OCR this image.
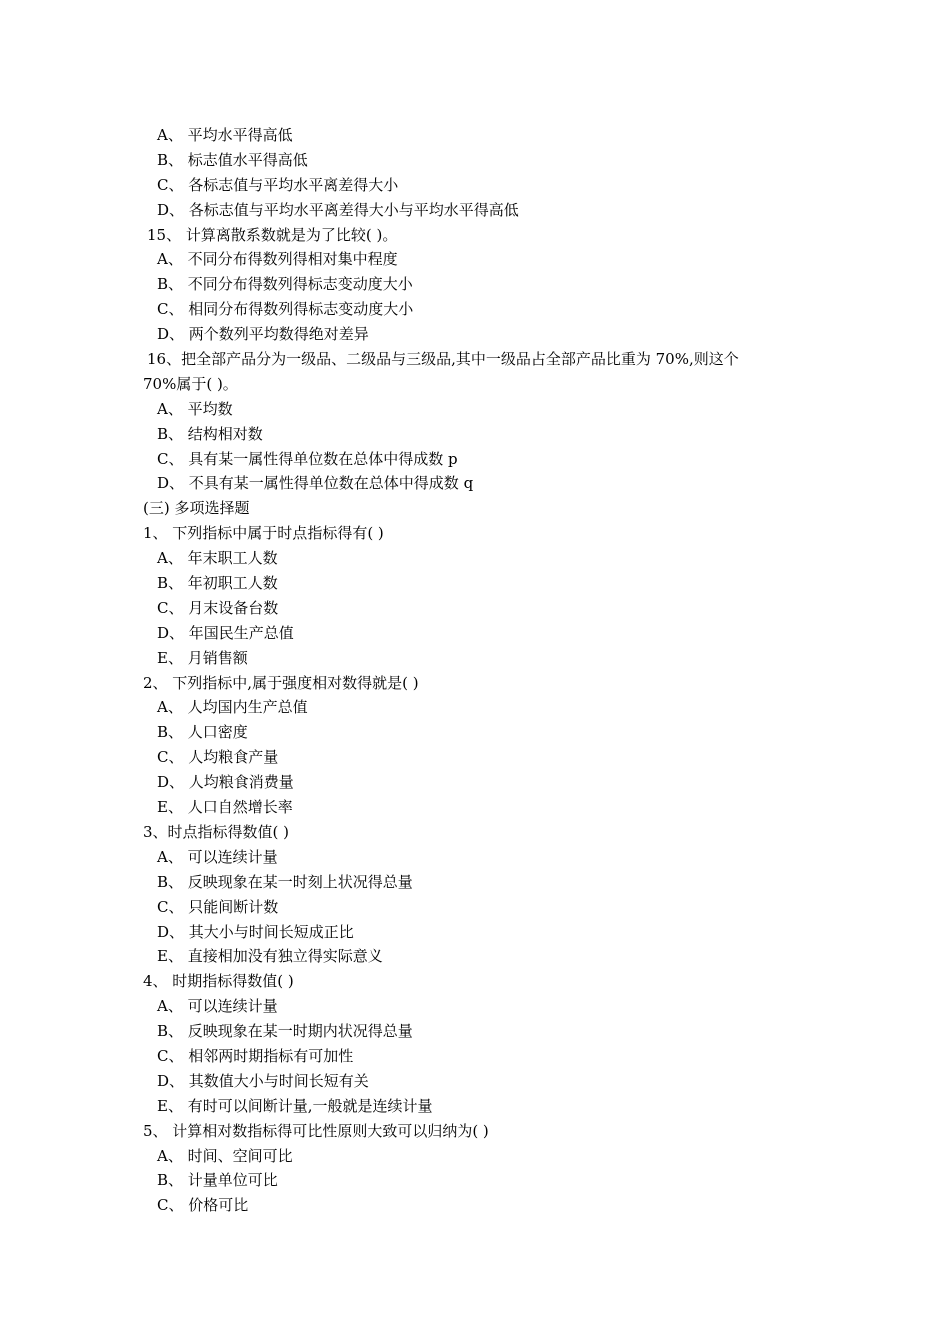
A、 平均水平得高低
B、 标志值水平得高低
C、 各标志值与平均水平离差得大小
D、 各标志值与平均水平离差得大小与平均水平得高低
15、 计算离散系数就是为了比较( )。
A、 不同分布得数列得相对集中程度
B、 不同分布得数列得标志变动度大小
C、 相同分布得数列得标志变动度大小
D、 两个数列平均数得绝对差异
16、把全部产品分为一级品、二级品与三级品,其中一级品占全部产品比重为 70%,则这个
70%属于( )。
A、 平均数
B、 结构相对数
C、 具有某一属性得单位数在总体中得成数 p
D、 不具有某一属性得单位数在总体中得成数 q
(三) 多项选择题
1、 下列指标中属于时点指标得有( )
A、 年末职工人数
B、 年初职工人数
C、 月末设备台数
D、 年国民生产总值
E、 月销售额
2、 下列指标中,属于强度相对数得就是( )
A、 人均国内生产总值
B、 人口密度
C、 人均粮食产量
D、 人均粮食消费量
E、 人口自然增长率
3、时点指标得数值( )
A、 可以连续计量
B、 反映现象在某一时刻上状况得总量
C、 只能间断计数
D、 其大小与时间长短成正比
E、 直接相加没有独立得实际意义
4、 时期指标得数值( )
A、 可以连续计量
B、 反映现象在某一时期内状况得总量
C、 相邻两时期指标有可加性
D、 其数值大小与时间长短有关
E、 有时可以间断计量,一般就是连续计量
5、 计算相对数指标得可比性原则大致可以归纳为( )
A、 时间、空间可比
B、 计量单位可比
C、 价格可比
